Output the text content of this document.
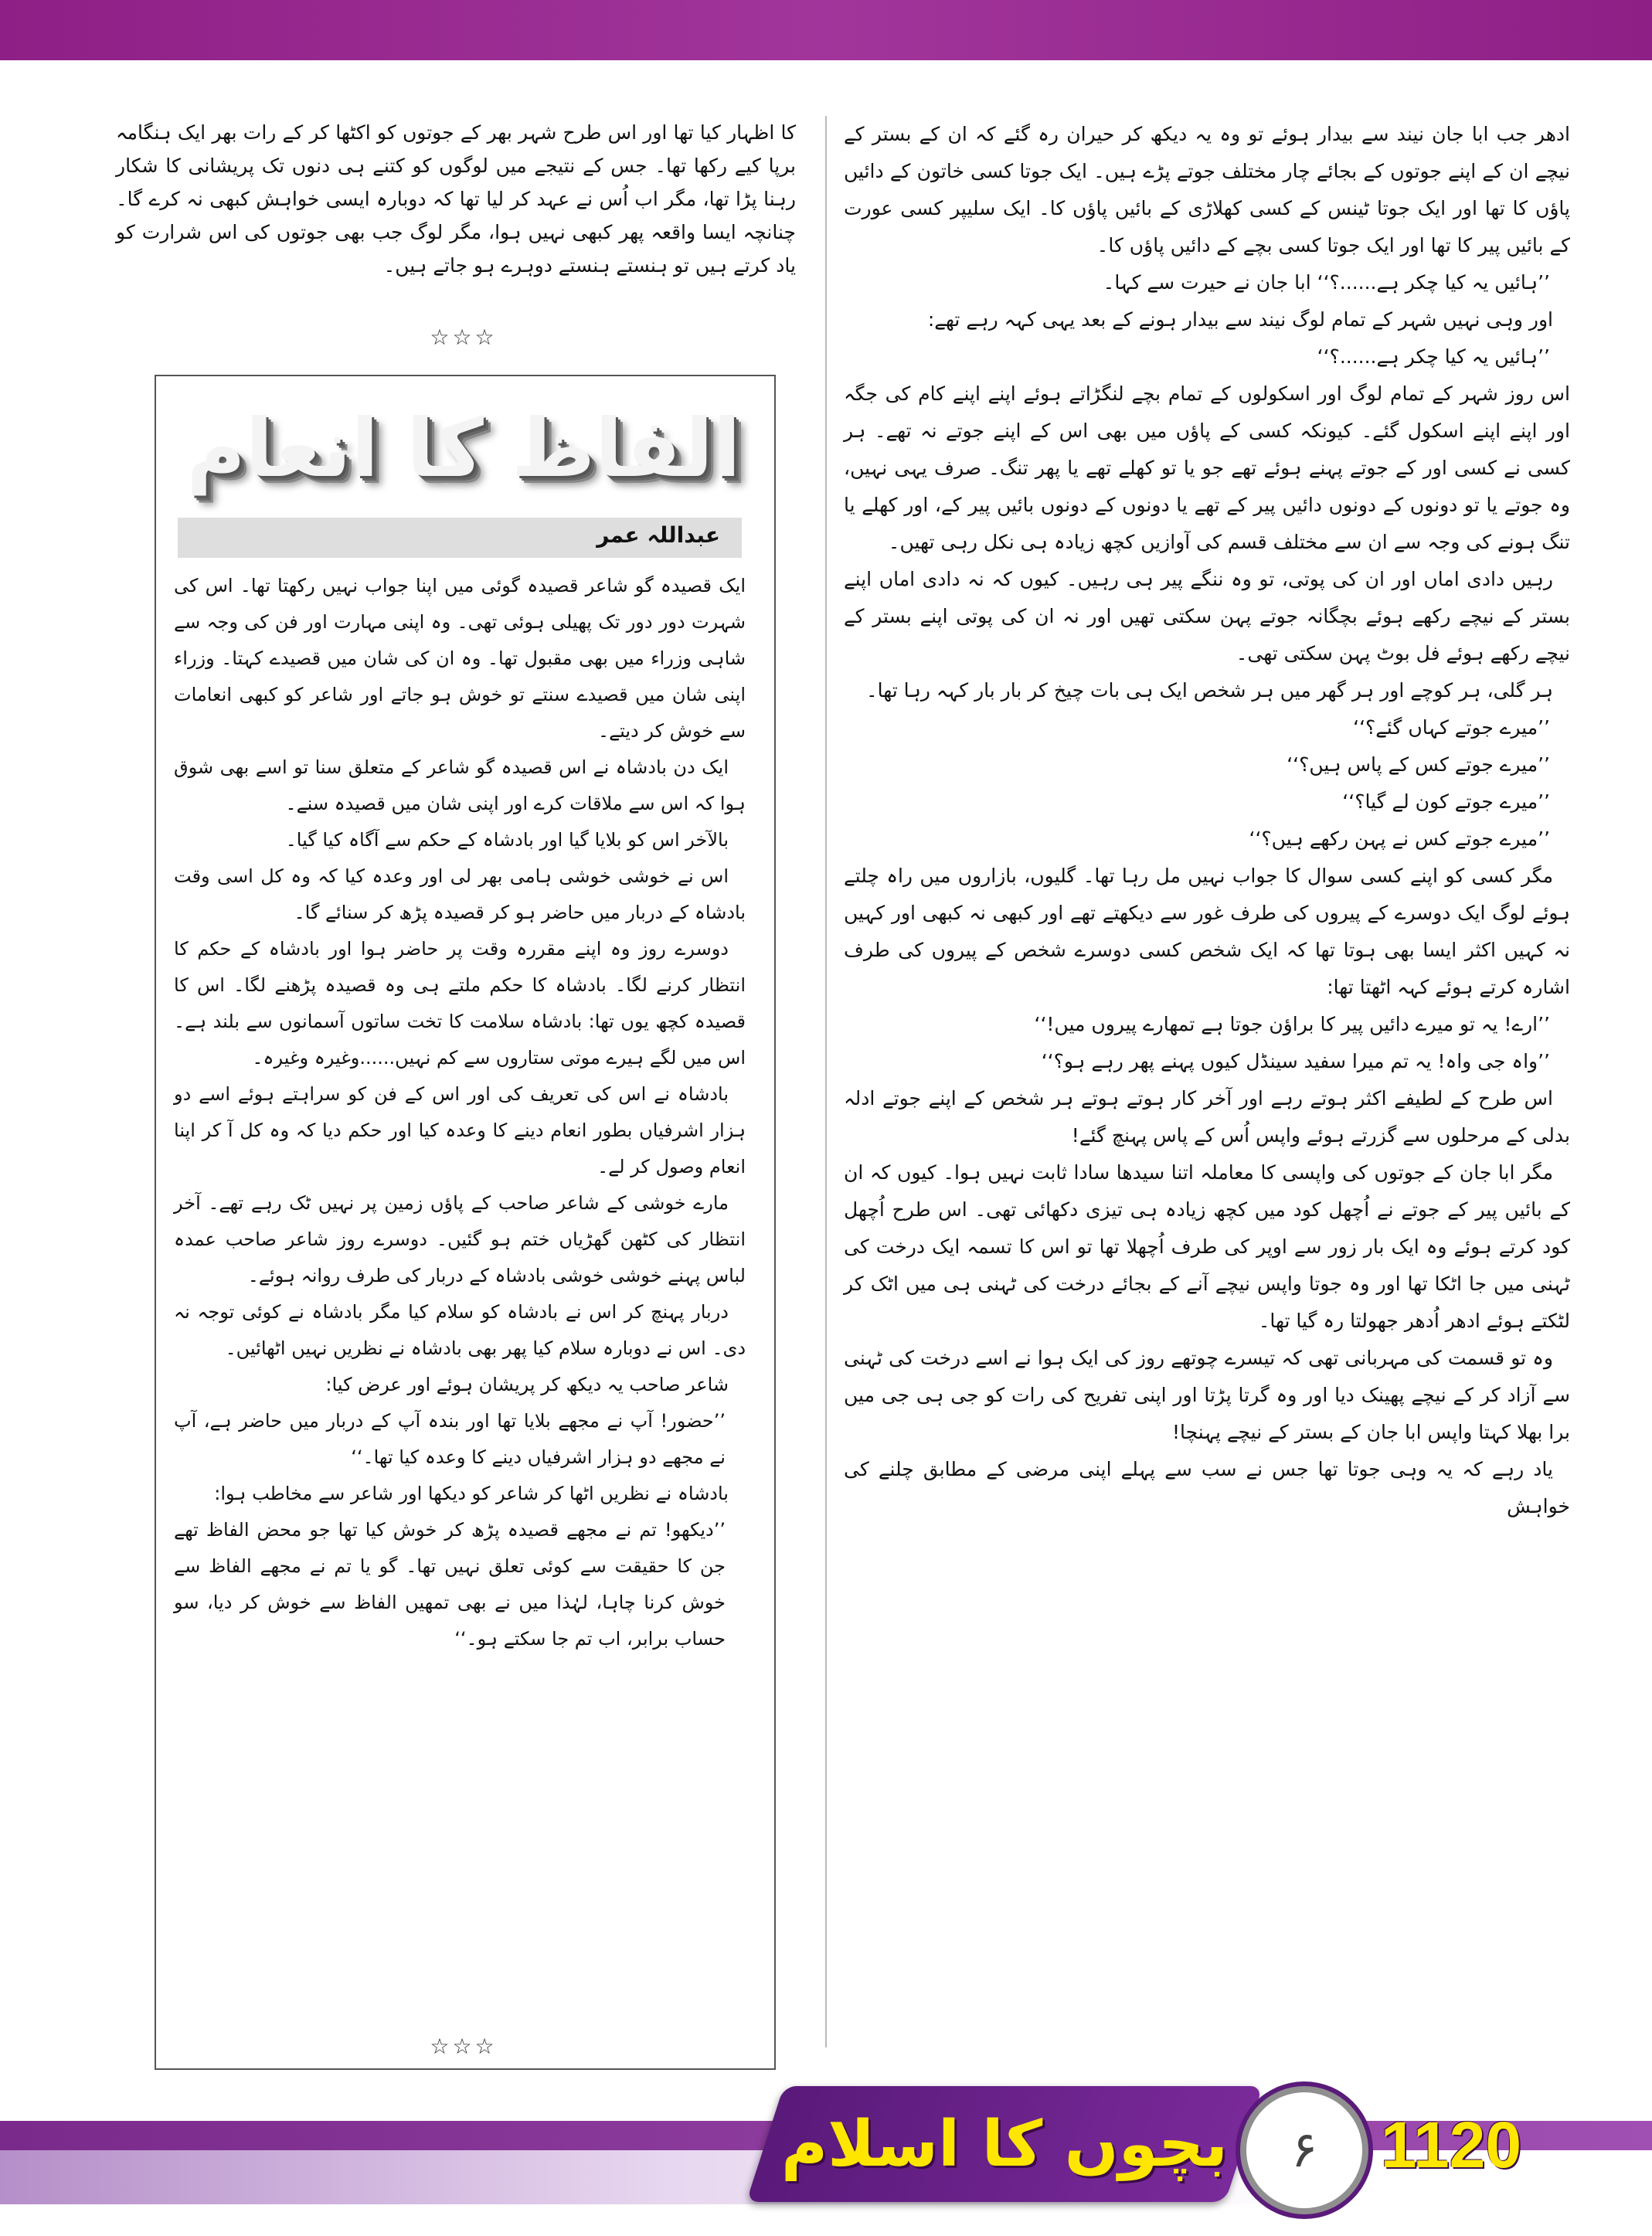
ادھر جب ابا جان نیند سے بیدار ہوئے تو وہ یہ دیکھ کر حیران رہ گئے کہ ان کے بستر کے نیچے ان کے اپنے جوتوں کے بجائے چار مختلف جوتے پڑے ہیں۔ ایک جوتا کسی خاتون کے دائیں پاؤں کا تھا اور ایک جوتا ٹینس کے کسی کھلاڑی کے بائیں پاؤں کا۔ ایک سلیپر کسی عورت کے بائیں پیر کا تھا اور ایک جوتا کسی بچے کے دائیں پاؤں کا۔

’’ہائیں یہ کیا چکر ہے......؟‘‘ ابا جان نے حیرت سے کہا۔

اور وہی نہیں شہر کے تمام لوگ نیند سے بیدار ہونے کے بعد یہی کہہ رہے تھے:

’’ہائیں یہ کیا چکر ہے......؟‘‘

اس روز شہر کے تمام لوگ اور اسکولوں کے تمام بچے لنگڑاتے ہوئے اپنے اپنے کام کی جگہ اور اپنے اپنے اسکول گئے۔ کیونکہ کسی کے پاؤں میں بھی اس کے اپنے جوتے نہ تھے۔ ہر کسی نے کسی اور کے جوتے پہنے ہوئے تھے جو یا تو کھلے تھے یا پھر تنگ۔ صرف یہی نہیں، وہ جوتے یا تو دونوں کے دونوں دائیں پیر کے تھے یا دونوں کے دونوں بائیں پیر کے، اور کھلے یا تنگ ہونے کی وجہ سے ان سے مختلف قسم کی آوازیں کچھ زیادہ ہی نکل رہی تھیں۔

رہیں دادی اماں اور ان کی پوتی، تو وہ ننگے پیر ہی رہیں۔ کیوں کہ نہ دادی اماں اپنے بستر کے نیچے رکھے ہوئے بچگانہ جوتے پہن سکتی تھیں اور نہ ان کی پوتی اپنے بستر کے نیچے رکھے ہوئے فل بوٹ پہن سکتی تھی۔

ہر گلی، ہر کوچے اور ہر گھر میں ہر شخص ایک ہی بات چیخ کر بار بار کہہ رہا تھا۔

’’میرے جوتے کہاں گئے؟‘‘

’’میرے جوتے کس کے پاس ہیں؟‘‘

’’میرے جوتے کون لے گیا؟‘‘

’’میرے جوتے کس نے پہن رکھے ہیں؟‘‘

مگر کسی کو اپنے کسی سوال کا جواب نہیں مل رہا تھا۔ گلیوں، بازاروں میں راہ چلتے ہوئے لوگ ایک دوسرے کے پیروں کی طرف غور سے دیکھتے تھے اور کبھی نہ کبھی اور کہیں نہ کہیں اکثر ایسا بھی ہوتا تھا کہ ایک شخص کسی دوسرے شخص کے پیروں کی طرف اشارہ کرتے ہوئے کہہ اٹھتا تھا:

’’ارے! یہ تو میرے دائیں پیر کا براؤن جوتا ہے تمھارے پیروں میں!‘‘

’’واہ جی واہ! یہ تم میرا سفید سینڈل کیوں پہنے پھر رہے ہو؟‘‘

اس طرح کے لطیفے اکثر ہوتے رہے اور آخر کار ہوتے ہوتے ہر شخص کے اپنے جوتے ادلہ بدلی کے مرحلوں سے گزرتے ہوئے واپس اُس کے پاس پہنچ گئے!

مگر ابا جان کے جوتوں کی واپسی کا معاملہ اتنا سیدھا سادا ثابت نہیں ہوا۔ کیوں کہ ان کے بائیں پیر کے جوتے نے اُچھل کود میں کچھ زیادہ ہی تیزی دکھائی تھی۔ اس طرح اُچھل کود کرتے ہوئے وہ ایک بار زور سے اوپر کی طرف اُچھلا تھا تو اس کا تسمہ ایک درخت کی ٹہنی میں جا اٹکا تھا اور وہ جوتا واپس نیچے آنے کے بجائے درخت کی ٹہنی ہی میں اٹک کر لٹکتے ہوئے ادھر اُدھر جھولتا رہ گیا تھا۔

وہ تو قسمت کی مہربانی تھی کہ تیسرے چوتھے روز کی ایک ہوا نے اسے درخت کی ٹہنی سے آزاد کر کے نیچے پھینک دیا اور وہ گرتا پڑتا اور اپنی تفریح کی رات کو جی ہی جی میں برا بھلا کہتا واپس ابا جان کے بستر کے نیچے پہنچا!

یاد رہے کہ یہ وہی جوتا تھا جس نے سب سے پہلے اپنی مرضی کے مطابق چلنے کی خواہش

کا اظہار کیا تھا اور اس طرح شہر بھر کے جوتوں کو اکٹھا کر کے رات بھر ایک ہنگامہ برپا کیے رکھا تھا۔ جس کے نتیجے میں لوگوں کو کتنے ہی دنوں تک پریشانی کا شکار رہنا پڑا تھا، مگر اب اُس نے عہد کر لیا تھا کہ دوبارہ ایسی خواہش کبھی نہ کرے گا۔ چنانچہ ایسا واقعہ پھر کبھی نہیں ہوا، مگر لوگ جب بھی جوتوں کی اس شرارت کو یاد کرتے ہیں تو ہنستے ہنستے دوہرے ہو جاتے ہیں۔

☆☆☆
الفاظ کا انعام
عبداللہ عمر

ایک قصیدہ گو شاعر قصیدہ گوئی میں اپنا جواب نہیں رکھتا تھا۔ اس کی شہرت دور دور تک پھیلی ہوئی تھی۔ وہ اپنی مہارت اور فن کی وجہ سے شاہی وزراء میں بھی مقبول تھا۔ وہ ان کی شان میں قصیدے کہتا۔ وزراء اپنی شان میں قصیدے سنتے تو خوش ہو جاتے اور شاعر کو کبھی انعامات سے خوش کر دیتے۔

ایک دن بادشاہ نے اس قصیدہ گو شاعر کے متعلق سنا تو اسے بھی شوق ہوا کہ اس سے ملاقات کرے اور اپنی شان میں قصیدہ سنے۔

بالآخر اس کو بلایا گیا اور بادشاہ کے حکم سے آگاہ کیا گیا۔

اس نے خوشی خوشی ہامی بھر لی اور وعدہ کیا کہ وہ کل اسی وقت بادشاہ کے دربار میں حاضر ہو کر قصیدہ پڑھ کر سنائے گا۔

دوسرے روز وہ اپنے مقررہ وقت پر حاضر ہوا اور بادشاہ کے حکم کا انتظار کرنے لگا۔ بادشاہ کا حکم ملتے ہی وہ قصیدہ پڑھنے لگا۔ اس کا قصیدہ کچھ یوں تھا: بادشاہ سلامت کا تخت ساتوں آسمانوں سے بلند ہے۔ اس میں لگے ہیرے موتی ستاروں سے کم نہیں......وغیرہ وغیرہ۔

بادشاہ نے اس کی تعریف کی اور اس کے فن کو سراہتے ہوئے اسے دو ہزار اشرفیاں بطور انعام دینے کا وعدہ کیا اور حکم دیا کہ وہ کل آ کر اپنا انعام وصول کر لے۔

مارے خوشی کے شاعر صاحب کے پاؤں زمین پر نہیں ٹک رہے تھے۔ آخر انتظار کی کٹھن گھڑیاں ختم ہو گئیں۔ دوسرے روز شاعر صاحب عمدہ لباس پہنے خوشی خوشی بادشاہ کے دربار کی طرف روانہ ہوئے۔

دربار پہنچ کر اس نے بادشاہ کو سلام کیا مگر بادشاہ نے کوئی توجہ نہ دی۔ اس نے دوبارہ سلام کیا پھر بھی بادشاہ نے نظریں نہیں اٹھائیں۔

شاعر صاحب یہ دیکھ کر پریشان ہوئے اور عرض کیا:

’’حضور! آپ نے مجھے بلایا تھا اور بندہ آپ کے دربار میں حاضر ہے، آپ نے مجھے دو ہزار اشرفیاں دینے کا وعدہ کیا تھا۔‘‘

بادشاہ نے نظریں اٹھا کر شاعر کو دیکھا اور شاعر سے مخاطب ہوا:

’’دیکھو! تم نے مجھے قصیدہ پڑھ کر خوش کیا تھا جو محض الفاظ تھے جن کا حقیقت سے کوئی تعلق نہیں تھا۔ گو یا تم نے مجھے الفاظ سے خوش کرنا چاہا، لہٰذا میں نے بھی تمھیں الفاظ سے خوش کر دیا، سو حساب برابر، اب تم جا سکتے ہو۔‘‘

☆☆☆
بچوں کا اسلام	۶ 1120
